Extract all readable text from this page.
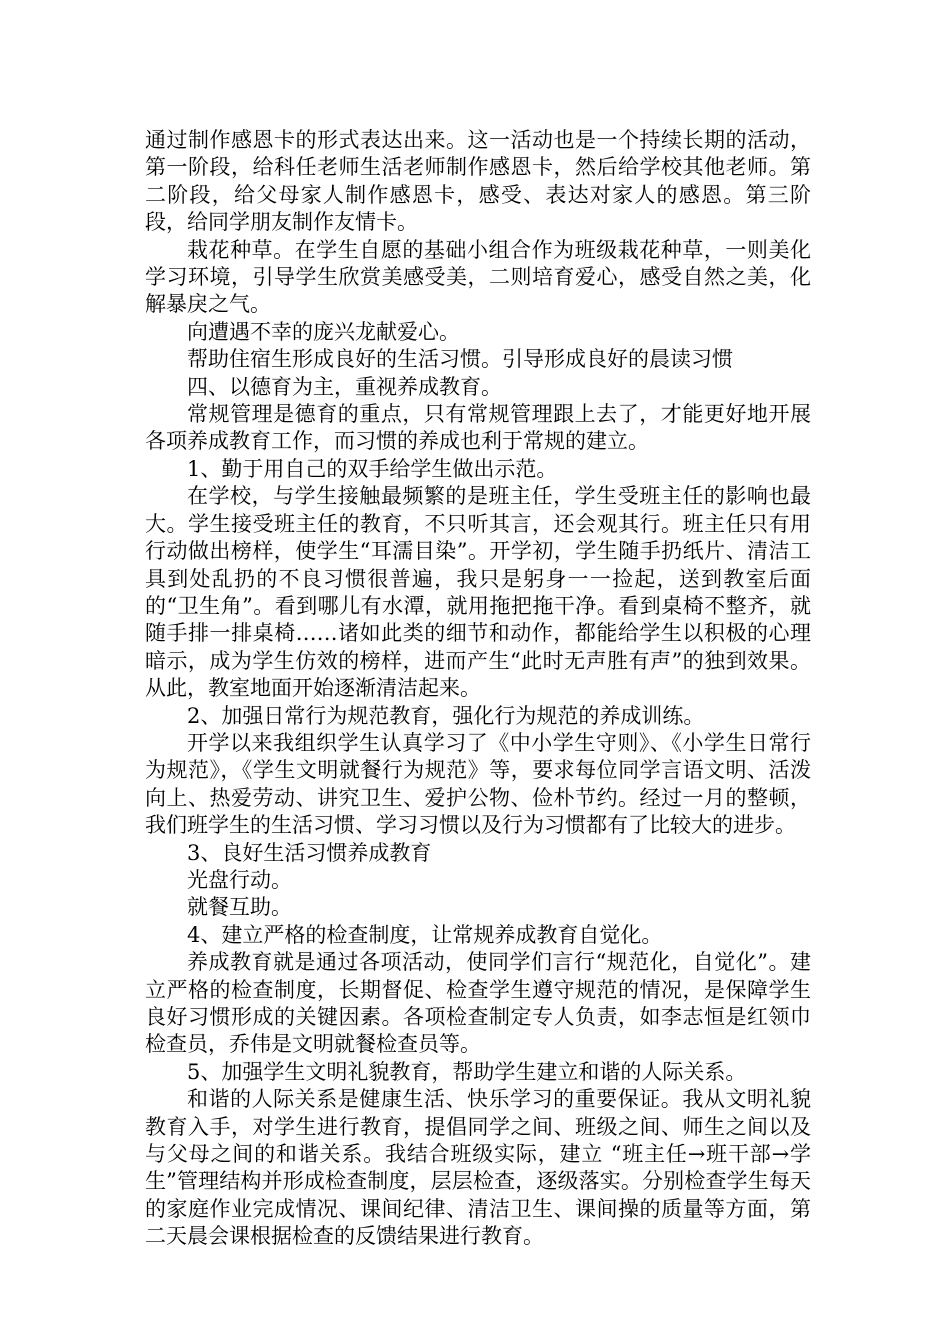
通过制作感恩卡的形式表达出来。这一活动也是一个持续长期的活动，第一阶段，给科任老师生活老师制作感恩卡，然后给学校其他老师。第二阶段，给父母家人制作感恩卡，感受、表达对家人的感恩。第三阶段，给同学朋友制作友情卡。

栽花种草。在学生自愿的基础小组合作为班级栽花种草，一则美化学习环境，引导学生欣赏美感受美，二则培育爱心，感受自然之美，化解暴戾之气。

向遭遇不幸的庞兴龙献爱心。

帮助住宿生形成良好的生活习惯。引导形成良好的晨读习惯

四、以德育为主，重视养成教育。

常规管理是德育的重点，只有常规管理跟上去了，才能更好地开展各项养成教育工作，而习惯的养成也利于常规的建立。

1、勤于用自己的双手给学生做出示范。

在学校，与学生接触最频繁的是班主任，学生受班主任的影响也最大。学生接受班主任的教育，不只听其言，还会观其行。班主任只有用行动做出榜样，使学生“耳濡目染”。开学初，学生随手扔纸片、清洁工具到处乱扔的不良习惯很普遍，我只是躬身一一捡起，送到教室后面的“卫生角”。看到哪儿有水潭，就用拖把拖干净。看到桌椅不整齐，就随手排一排桌椅……诸如此类的细节和动作，都能给学生以积极的心理暗示，成为学生仿效的榜样，进而产生“此时无声胜有声”的独到效果。从此，教室地面开始逐渐清洁起来。

2、加强日常行为规范教育，强化行为规范的养成训练。

开学以来我组织学生认真学习了《中小学生守则》、《小学生日常行为规范》，《学生文明就餐行为规范》等，要求每位同学言语文明、活泼向上、热爱劳动、讲究卫生、爱护公物、俭朴节约。经过一月的整顿，我们班学生的生活习惯、学习习惯以及行为习惯都有了比较大的进步。

3、良好生活习惯养成教育

光盘行动。

就餐互助。

4、建立严格的检查制度，让常规养成教育自觉化。

养成教育就是通过各项活动，使同学们言行“规范化，自觉化”。建立严格的检查制度，长期督促、检查学生遵守规范的情况，是保障学生良好习惯形成的关键因素。各项检查制定专人负责，如李志恒是红领巾检查员，乔伟是文明就餐检查员等。

5、加强学生文明礼貌教育，帮助学生建立和谐的人际关系。

和谐的人际关系是健康生活、快乐学习的重要保证。我从文明礼貌教育入手，对学生进行教育，提倡同学之间、班级之间、师生之间以及与父母之间的和谐关系。我结合班级实际，建立 “班主任→班干部→学生”管理结构并形成检查制度，层层检查，逐级落实。分别检查学生每天的家庭作业完成情况、课间纪律、清洁卫生、课间操的质量等方面，第二天晨会课根据检查的反馈结果进行教育。
